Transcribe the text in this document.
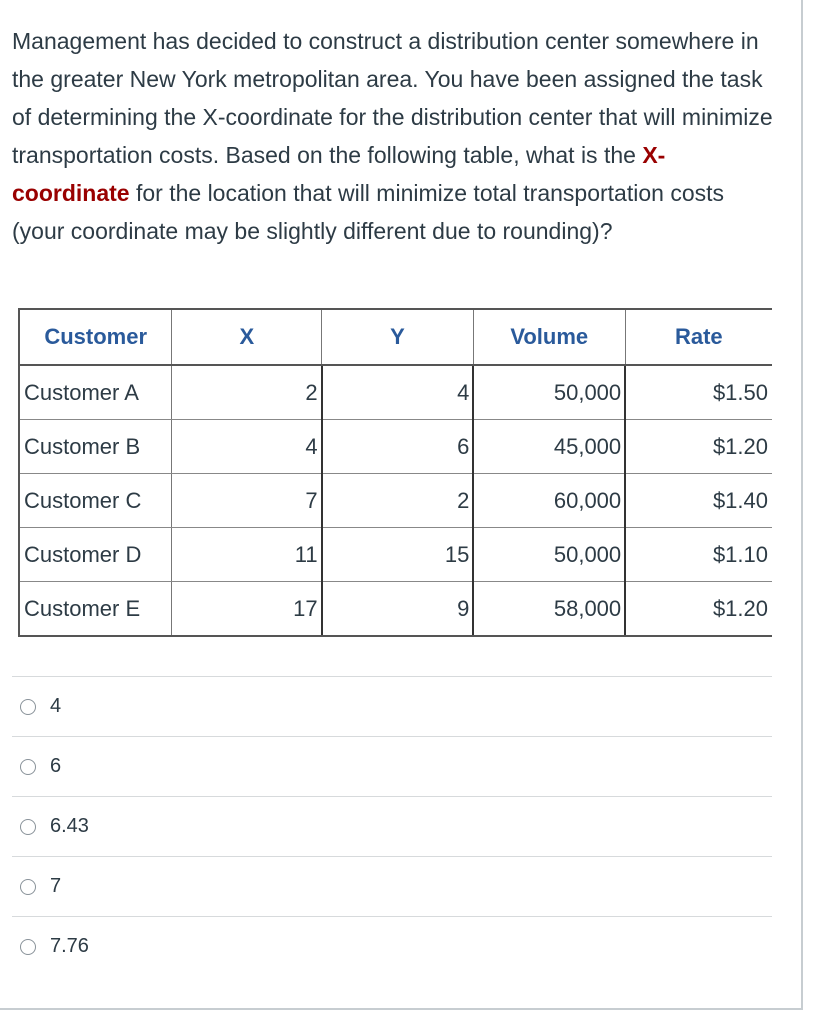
Management has decided to construct a distribution center somewhere in the greater New York metropolitan area. You have been assigned the task of determining the X-coordinate for the distribution center that will minimize transportation costs. Based on the following table, what is the X-coordinate for the location that will minimize total transportation costs (your coordinate may be slightly different due to rounding)?
Customer	X	Y	Volume	Rate
Customer A	2	4	50,000	$1.50
Customer B	4	6	45,000	$1.20
Customer C	7	2	60,000	$1.40
Customer D	11	15	50,000	$1.10
Customer E	17	9	58,000	$1.20
4
6
6.43
7
7.76
